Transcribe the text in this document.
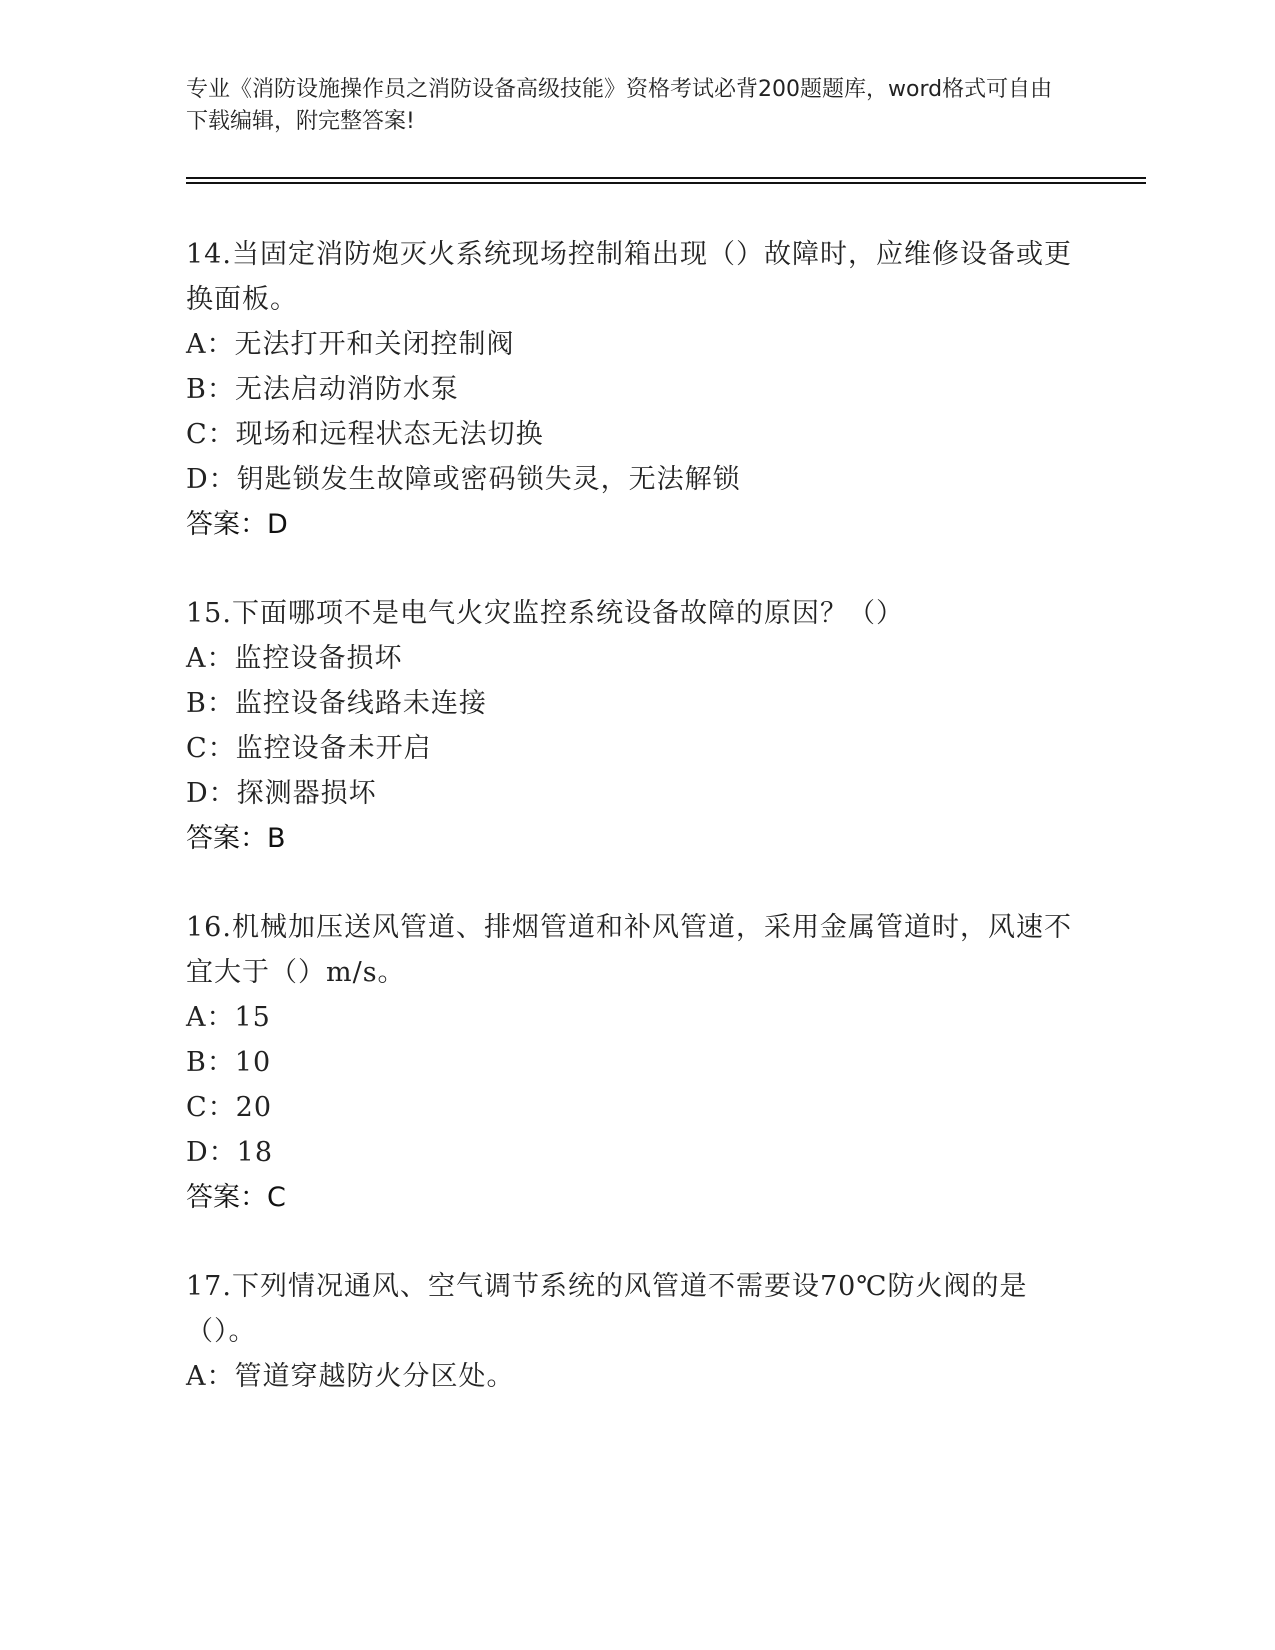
专业《消防设施操作员之消防设备高级技能》资格考试必背200题题库，word格式可自由下载编辑，附完整答案!

14.当固定消防炮灭火系统现场控制箱出现（）故障时，应维修设备或更换面板。

A：无法打开和关闭控制阀

B：无法启动消防水泵

C：现场和远程状态无法切换

D：钥匙锁发生故障或密码锁失灵，无法解锁

答案：D

15.下面哪项不是电气火灾监控系统设备故障的原因？（）

A：监控设备损坏

B：监控设备线路未连接

C：监控设备未开启

D：探测器损坏

答案：B

16.机械加压送风管道、排烟管道和补风管道，采用金属管道时，风速不宜大于（）m/s。

A：15

B：10

C：20

D：18

答案：C

17.下列情况通风、空气调节系统的风管道不需要设70℃防火阀的是（）。

A：管道穿越防火分区处。
